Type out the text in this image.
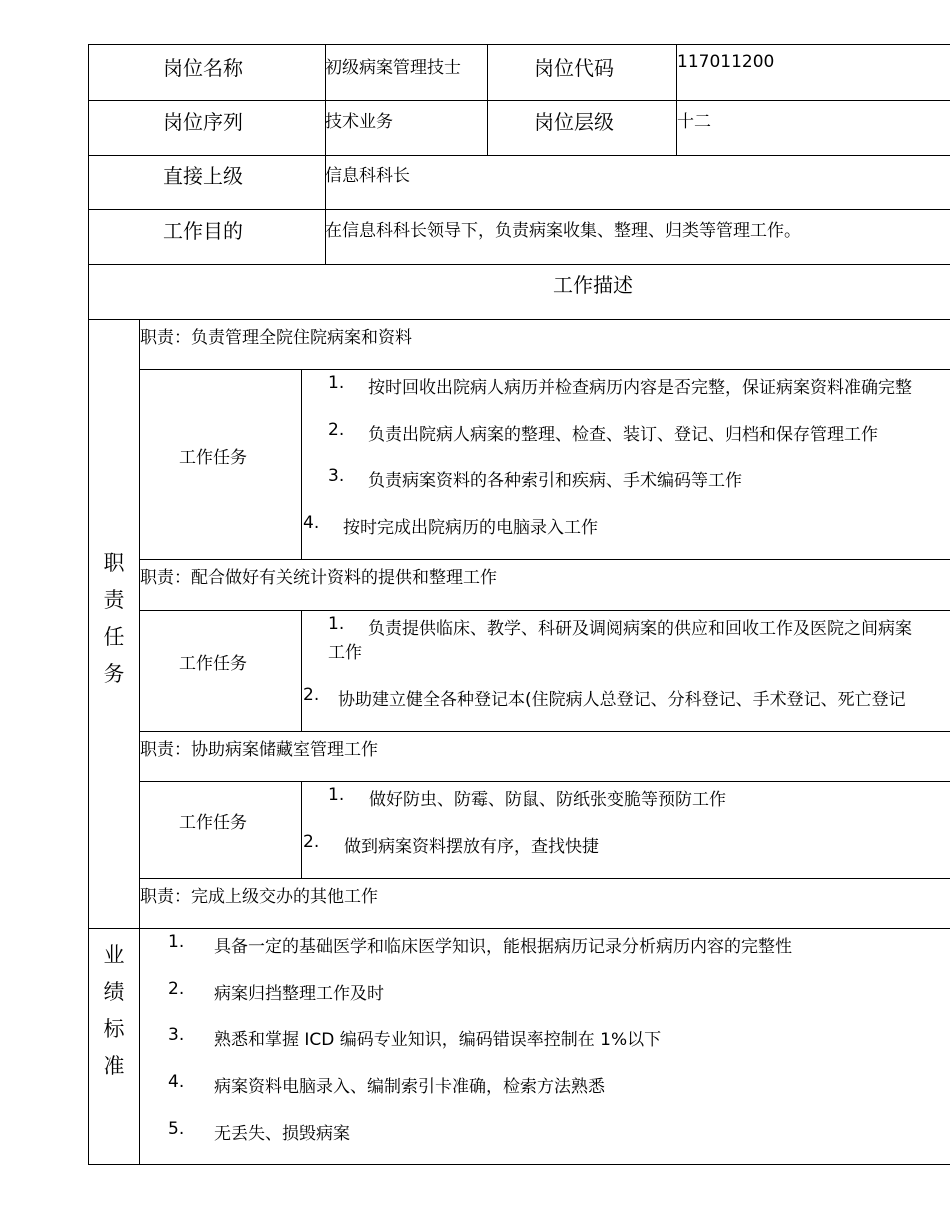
岗位名称	初级病案管理技士	岗位代码	117011200
岗位序列	技术业务	岗位层级	十二
直接上级	信息科科长
工作目的	在信息科科长领导下，负责病案收集、整理、归类等管理工作。
工作描述
职责任务
职责：负责管理全院住院病案和资料
工作任务
1. 按时回收出院病人病历并检查病历内容是否完整，保证病案资料准确完整
2. 负责出院病人病案的整理、检查、装订、登记、归档和保存管理工作
3. 负责病案资料的各种索引和疾病、手术编码等工作
4. 按时完成出院病历的电脑录入工作
职责：配合做好有关统计资料的提供和整理工作
工作任务
1. 负责提供临床、教学、科研及调阅病案的供应和回收工作及医院之间病案
工作
2. 协助建立健全各种登记本(住院病人总登记、分科登记、手术登记、死亡登记
职责：协助病案储藏室管理工作
工作任务
1. 做好防虫、防霉、防鼠、防纸张变脆等预防工作
2. 做到病案资料摆放有序，查找快捷
职责：完成上级交办的其他工作
业绩标准
1. 具备一定的基础医学和临床医学知识，能根据病历记录分析病历内容的完整性
2. 病案归挡整理工作及时
3. 熟悉和掌握 ICD 编码专业知识，编码错误率控制在 1%以下
4. 病案资料电脑录入、编制索引卡准确，检索方法熟悉
5. 无丢失、损毁病案
